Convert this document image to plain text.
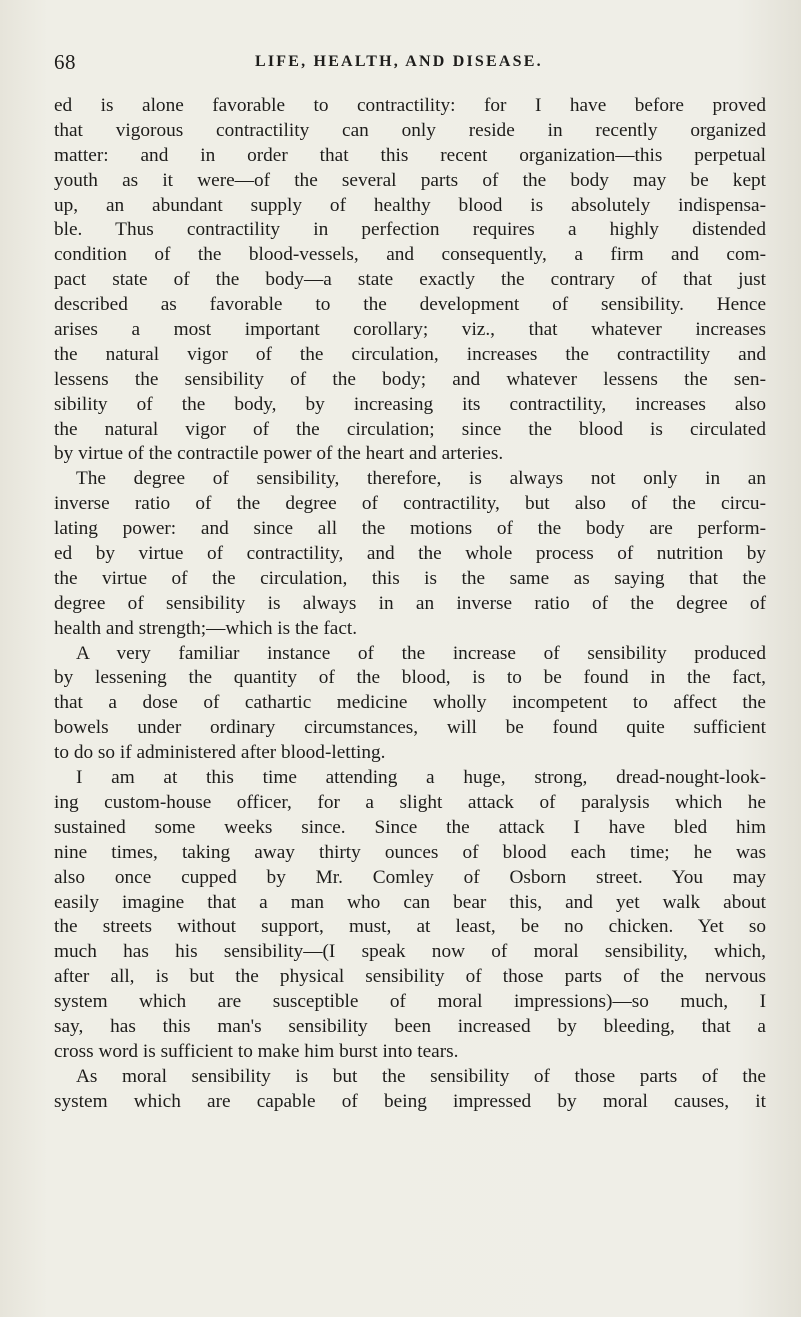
68	LIFE, HEALTH, AND DISEASE.
ed is alone favorable to contractility: for I have before proved
that vigorous contractility can only reside in recently organized
matter: and in order that this recent organization—this perpetual
youth as it were—of the several parts of the body may be kept
up, an abundant supply of healthy blood is absolutely indispensa-
ble. Thus contractility in perfection requires a highly distended
condition of the blood-vessels, and consequently, a firm and com-
pact state of the body—a state exactly the contrary of that just
described as favorable to the development of sensibility. Hence
arises a most important corollary; viz., that whatever increases
the natural vigor of the circulation, increases the contractility and
lessens the sensibility of the body; and whatever lessens the sen-
sibility of the body, by increasing its contractility, increases also
the natural vigor of the circulation; since the blood is circulated
by virtue of the contractile power of the heart and arteries.
The degree of sensibility, therefore, is always not only in an
inverse ratio of the degree of contractility, but also of the circu-
lating power: and since all the motions of the body are perform-
ed by virtue of contractility, and the whole process of nutrition by
the virtue of the circulation, this is the same as saying that the
degree of sensibility is always in an inverse ratio of the degree of
health and strength;—which is the fact.
A very familiar instance of the increase of sensibility produced
by lessening the quantity of the blood, is to be found in the fact,
that a dose of cathartic medicine wholly incompetent to affect the
bowels under ordinary circumstances, will be found quite sufficient
to do so if administered after blood-letting.
I am at this time attending a huge, strong, dread-nought-look-
ing custom-house officer, for a slight attack of paralysis which he
sustained some weeks since. Since the attack I have bled him
nine times, taking away thirty ounces of blood each time; he was
also once cupped by Mr. Comley of Osborn street. You may
easily imagine that a man who can bear this, and yet walk about
the streets without support, must, at least, be no chicken. Yet so
much has his sensibility—(I speak now of moral sensibility, which,
after all, is but the physical sensibility of those parts of the nervous
system which are susceptible of moral impressions)—so much, I
say, has this man's sensibility been increased by bleeding, that a
cross word is sufficient to make him burst into tears.
As moral sensibility is but the sensibility of those parts of the
system which are capable of being impressed by moral causes, it
